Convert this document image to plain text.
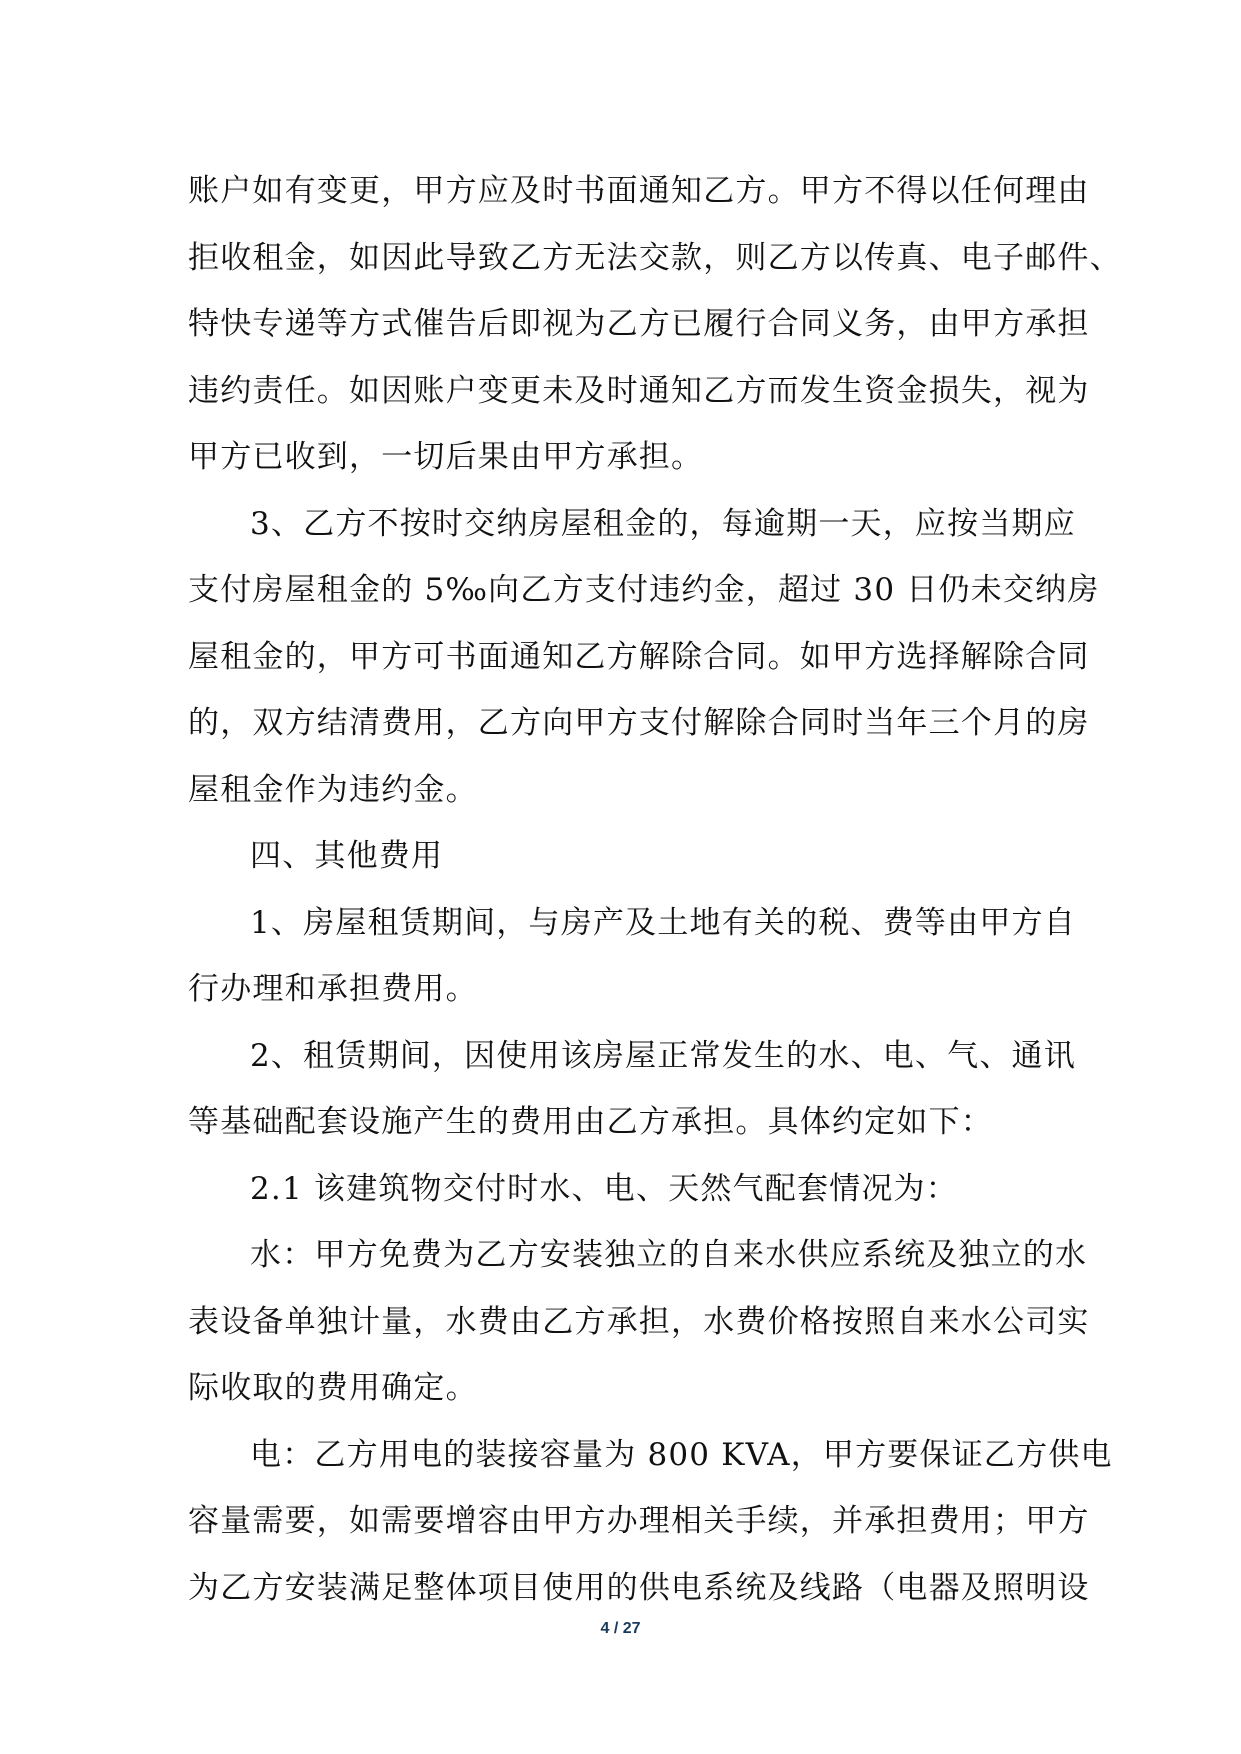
账户如有变更，甲方应及时书面通知乙方。甲方不得以任何理由
拒收租金，如因此导致乙方无法交款，则乙方以传真、电子邮件、
特快专递等方式催告后即视为乙方已履行合同义务，由甲方承担
违约责任。如因账户变更未及时通知乙方而发生资金损失，视为
甲方已收到，一切后果由甲方承担。
3、乙方不按时交纳房屋租金的，每逾期一天，应按当期应
支付房屋租金的 5‰向乙方支付违约金，超过 30 日仍未交纳房
屋租金的，甲方可书面通知乙方解除合同。如甲方选择解除合同
的，双方结清费用，乙方向甲方支付解除合同时当年三个月的房
屋租金作为违约金。
四、其他费用
1、房屋租赁期间，与房产及土地有关的税、费等由甲方自
行办理和承担费用。
2、租赁期间，因使用该房屋正常发生的水、电、气、通讯
等基础配套设施产生的费用由乙方承担。具体约定如下：
2.1 该建筑物交付时水、电、天然气配套情况为：
水：甲方免费为乙方安装独立的自来水供应系统及独立的水
表设备单独计量，水费由乙方承担，水费价格按照自来水公司实
际收取的费用确定。
电：乙方用电的装接容量为 800 KVA，甲方要保证乙方供电
容量需要，如需要增容由甲方办理相关手续，并承担费用；甲方
为乙方安装满足整体项目使用的供电系统及线路（电器及照明设
4 / 27
